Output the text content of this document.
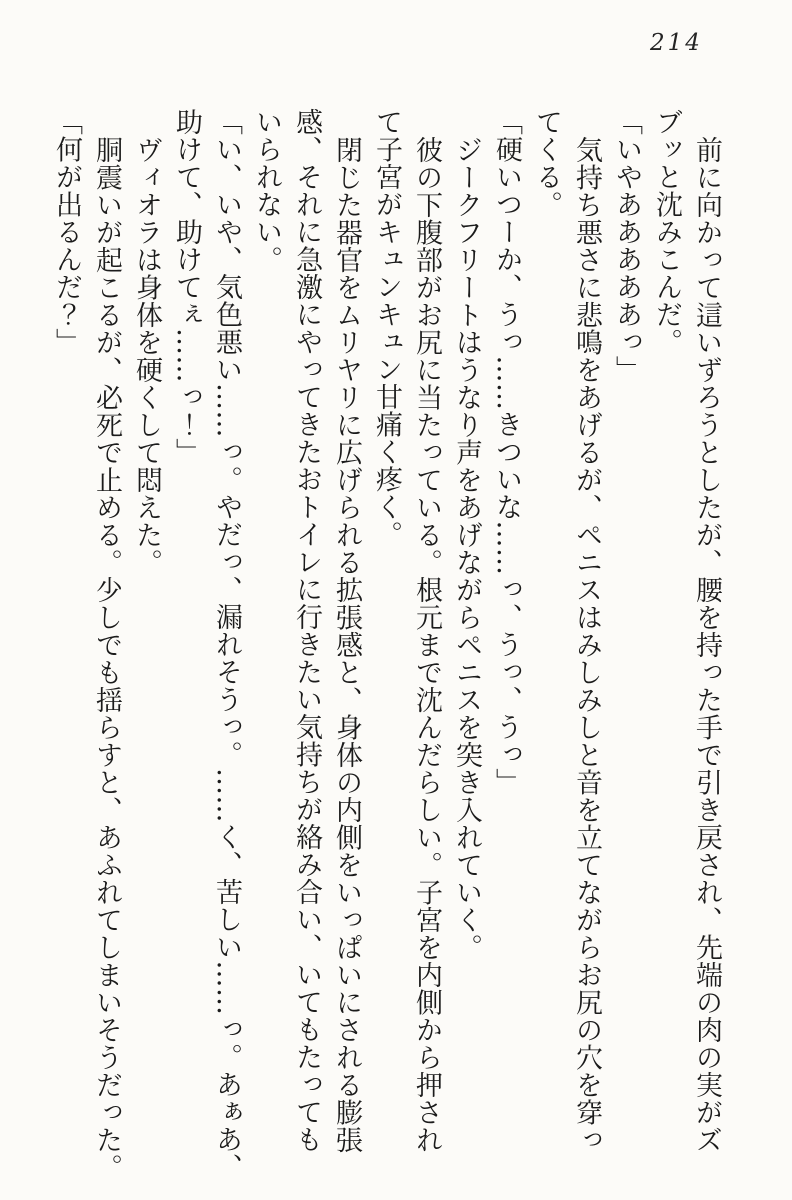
214

前に向かって這いずろうとしたが、腰を持った手で引き戻され、先端の肉の実がズ

ブッと沈みこんだ。

「いやあああああっ」

気持ち悪さに悲鳴をあげるが、ペニスはみしみしと音を立てながらお尻の穴を穿っ

てくる。

「硬いつーか、うっ……きついな……っ、うっ、うっ」

ジークフリートはうなり声をあげながらペニスを突き入れていく。

彼の下腹部がお尻に当たっている。根元まで沈んだらしい。子宮を内側から押され

て子宮がキュンキュン甘痛く疼く。

閉じた器官をムリヤリに広げられる拡張感と、身体の内側をいっぱいにされる膨張

感、それに急激にやってきたおトイレに行きたい気持ちが絡み合い、いてもたっても

いられない。

「い、いや、気色悪い……っ。やだっ、漏れそうっ。……く、苦しい……っ。あぁあ、

助けて、助けてぇ……っ！」

ヴィオラは身体を硬くして悶えた。

胴震いが起こるが、必死で止める。少しでも揺らすと、あふれてしまいそうだった。

「何が出るんだ？」
